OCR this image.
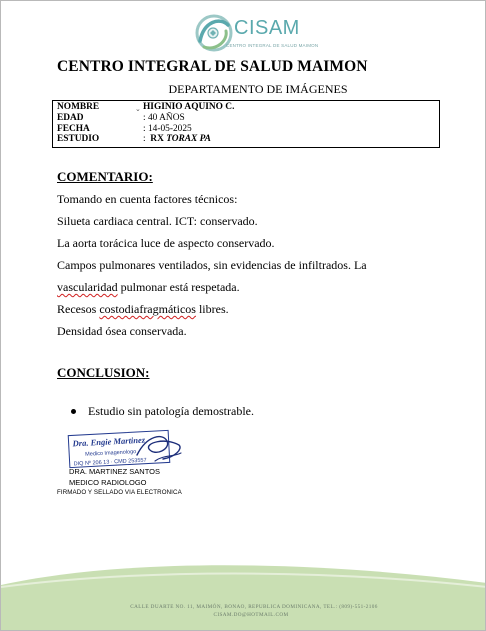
CISAM
CENTRO INTEGRAL DE SALUD MAIMON
CENTRO INTEGRAL DE SALUD MAIMON
DEPARTAMENTO DE IMÁGENES
⌄
NOMBRE	HIGINIO AQUINO C.
EDAD	: 40 AÑOS
FECHA	: 14-05-2025
ESTUDIO	: RX TORAX PA
COMENTARIO:
Tomando en cuenta factores técnicos:
Silueta cardiaca central. ICT: conservado.
La aorta torácica luce de aspecto conservado.
Campos pulmonares ventilados, sin evidencias de infiltrados. La
vascularidad pulmonar está respetada.
Recesos costodiafragmáticos libres.
Densidad ósea conservada.
CONCLUSION:
Estudio sin patología demostrable.
Dra. Engie Martinez
Medico Imagenologo
DIQ Nº 206 13 · CMD 253557
DRA. MARTINEZ SANTOS
MEDICO RADIOLOGO
FIRMADO Y SELLADO VIA ELECTRONICA
CALLE DUARTE NO. 11, MAIMÓN, BONAO, REPUBLICA DOMINICANA, TEL.: (809)-551-2106
CISAM.DO@HOTMAIL.COM
